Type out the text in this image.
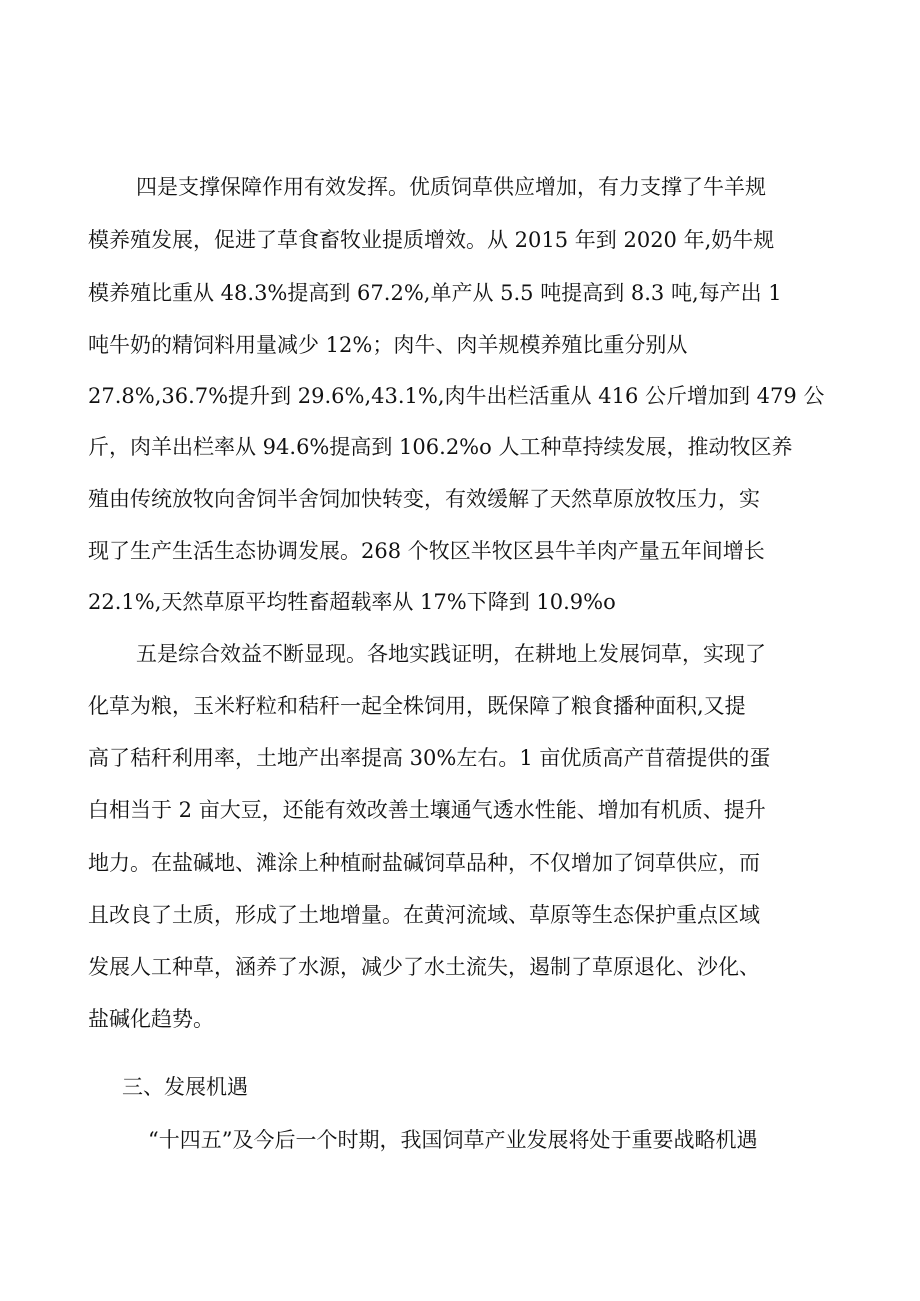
四是支撑保障作用有效发挥。优质饲草供应增加，有力支撑了牛羊规
模养殖发展，促进了草食畜牧业提质增效。从 2015 年到 2020 年,奶牛规
模养殖比重从 48.3%提高到 67.2%,单产从 5.5 吨提高到 8.3 吨,每产出 1
吨牛奶的精饲料用量减少 12%；肉牛、肉羊规模养殖比重分别从
27.8%,36.7%提升到 29.6%,43.1%,肉牛出栏活重从 416 公斤增加到 479 公
斤，肉羊出栏率从 94.6%提高到 106.2%o 人工种草持续发展，推动牧区养
殖由传统放牧向舍饲半舍饲加快转变，有效缓解了天然草原放牧压力，实
现了生产生活生态协调发展。268 个牧区半牧区县牛羊肉产量五年间增长
22.1%,天然草原平均牲畜超载率从 17%下降到 10.9%o
五是综合效益不断显现。各地实践证明，在耕地上发展饲草，实现了
化草为粮，玉米籽粒和秸秆一起全株饲用，既保障了粮食播种面积,又提
高了秸秆利用率，土地产出率提高 30%左右。1 亩优质高产苜蓿提供的蛋
白相当于 2 亩大豆，还能有效改善土壤通气透水性能、增加有机质、提升
地力。在盐碱地、滩涂上种植耐盐碱饲草品种，不仅增加了饲草供应，而
且改良了土质，形成了土地增量。在黄河流域、草原等生态保护重点区域
发展人工种草，涵养了水源，减少了水土流失，遏制了草原退化、沙化、
盐碱化趋势。
三、发展机遇
“十四五”及今后一个时期，我国饲草产业发展将处于重要战略机遇
